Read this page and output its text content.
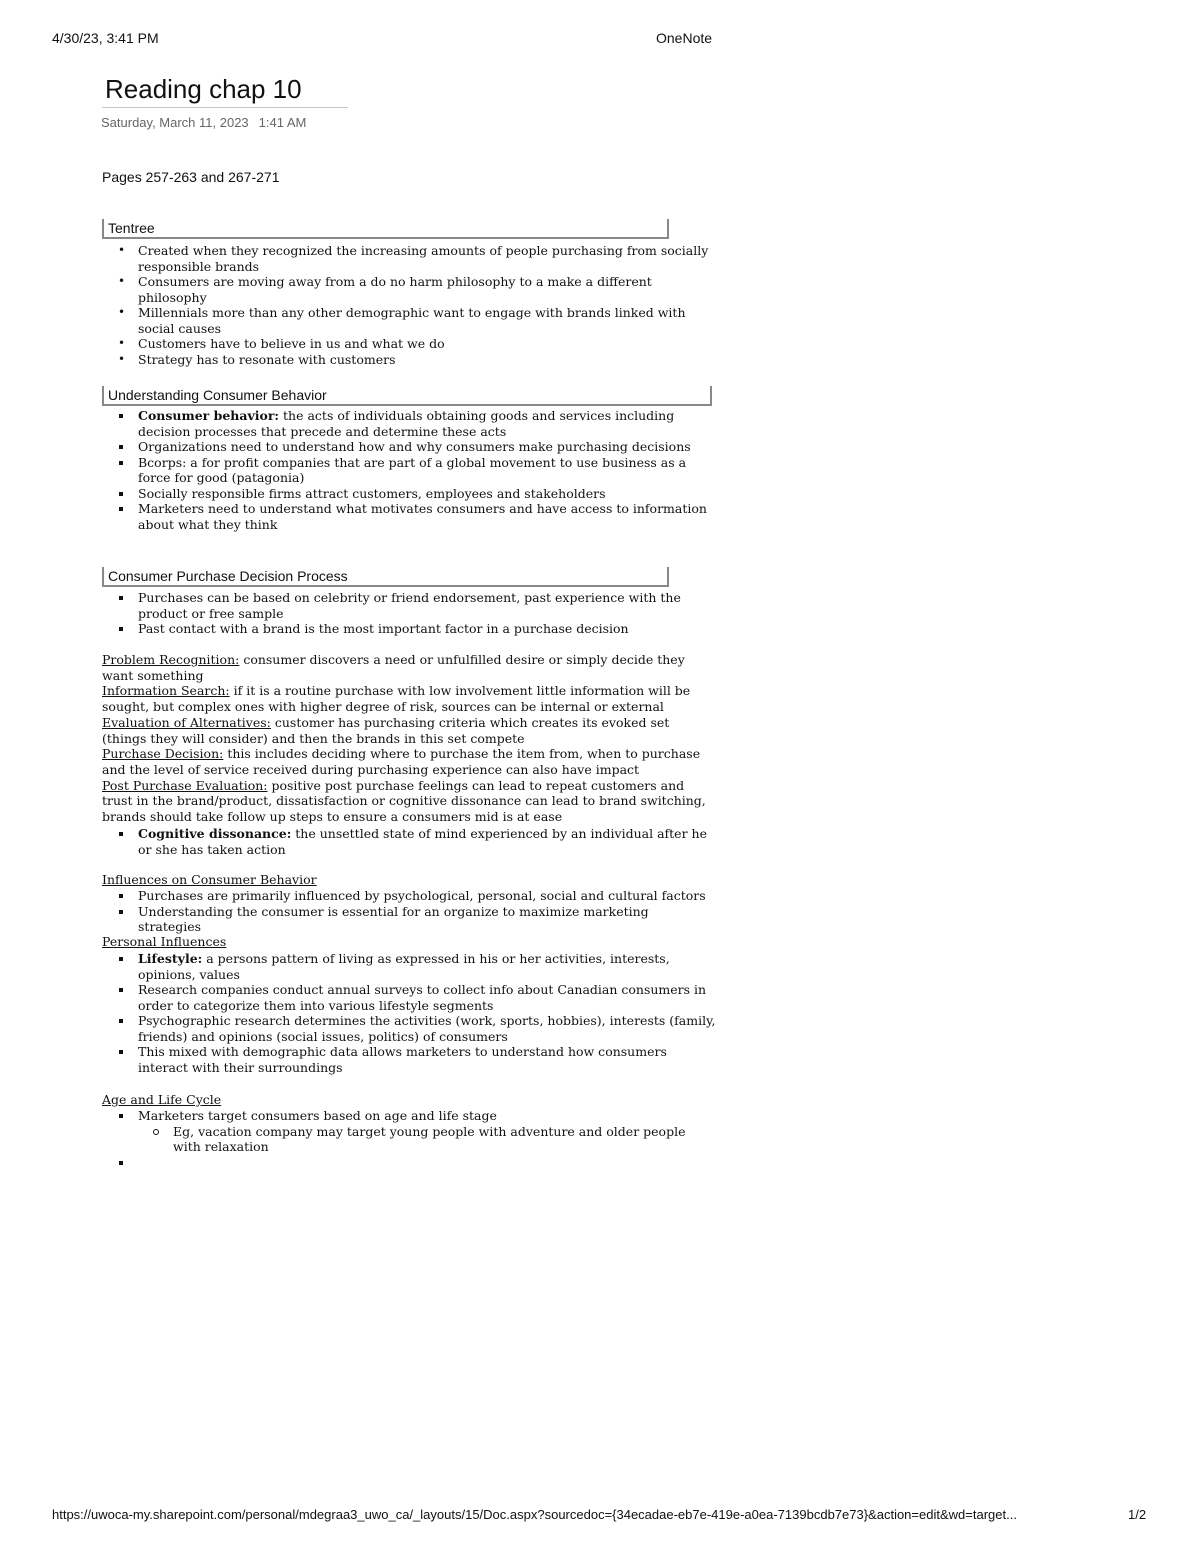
4/30/23, 3:41 PM	OneNote
Reading chap 10
Saturday, March 11, 2023 1:41 AM
Pages 257-263 and 267-271
Tentree
• Created when they recognized the increasing amounts of people purchasing from socially responsible brands
• Consumers are moving away from a do no harm philosophy to a make a different philosophy
• Millennials more than any other demographic want to engage with brands linked with social causes
• Customers have to believe in us and what we do
• Strategy has to resonate with customers
Understanding Consumer Behavior
Consumer behavior: the acts of individuals obtaining goods and services including decision processes that precede and determine these acts
Organizations need to understand how and why consumers make purchasing decisions
Bcorps: a for profit companies that are part of a global movement to use business as a force for good (patagonia)
Socially responsible firms attract customers, employees and stakeholders
Marketers need to understand what motivates consumers and have access to information about what they think
Consumer Purchase Decision Process
Purchases can be based on celebrity or friend endorsement, past experience with the product or free sample
Past contact with a brand is the most important factor in a purchase decision
Problem Recognition: consumer discovers a need or unfulfilled desire or simply decide they want something
Information Search: if it is a routine purchase with low involvement little information will be sought, but complex ones with higher degree of risk, sources can be internal or external
Evaluation of Alternatives: customer has purchasing criteria which creates its evoked set (things they will consider) and then the brands in this set compete
Purchase Decision: this includes deciding where to purchase the item from, when to purchase and the level of service received during purchasing experience can also have impact
Post Purchase Evaluation: positive post purchase feelings can lead to repeat customers and trust in the brand/product, dissatisfaction or cognitive dissonance can lead to brand switching, brands should take follow up steps to ensure a consumers mid is at ease
Cognitive dissonance: the unsettled state of mind experienced by an individual after he or she has taken action
Influences on Consumer Behavior
Purchases are primarily influenced by psychological, personal, social and cultural factors
Understanding the consumer is essential for an organize to maximize marketing strategies
Personal Influences
Lifestyle: a persons pattern of living as expressed in his or her activities, interests, opinions, values
Research companies conduct annual surveys to collect info about Canadian consumers in order to categorize them into various lifestyle segments
Psychographic research determines the activities (work, sports, hobbies), interests (family, friends) and opinions (social issues, politics) of consumers
This mixed with demographic data allows marketers to understand how consumers interact with their surroundings
Age and Life Cycle
Marketers target consumers based on age and life stage
Eg, vacation company may target young people with adventure and older people with relaxation
https://uwoca-my.sharepoint.com/personal/mdegraa3_uwo_ca/_layouts/15/Doc.aspx?sourcedoc={34ecadae-eb7e-419e-a0ea-7139bcdb7e73}&action=edit&wd=target...	1/2
